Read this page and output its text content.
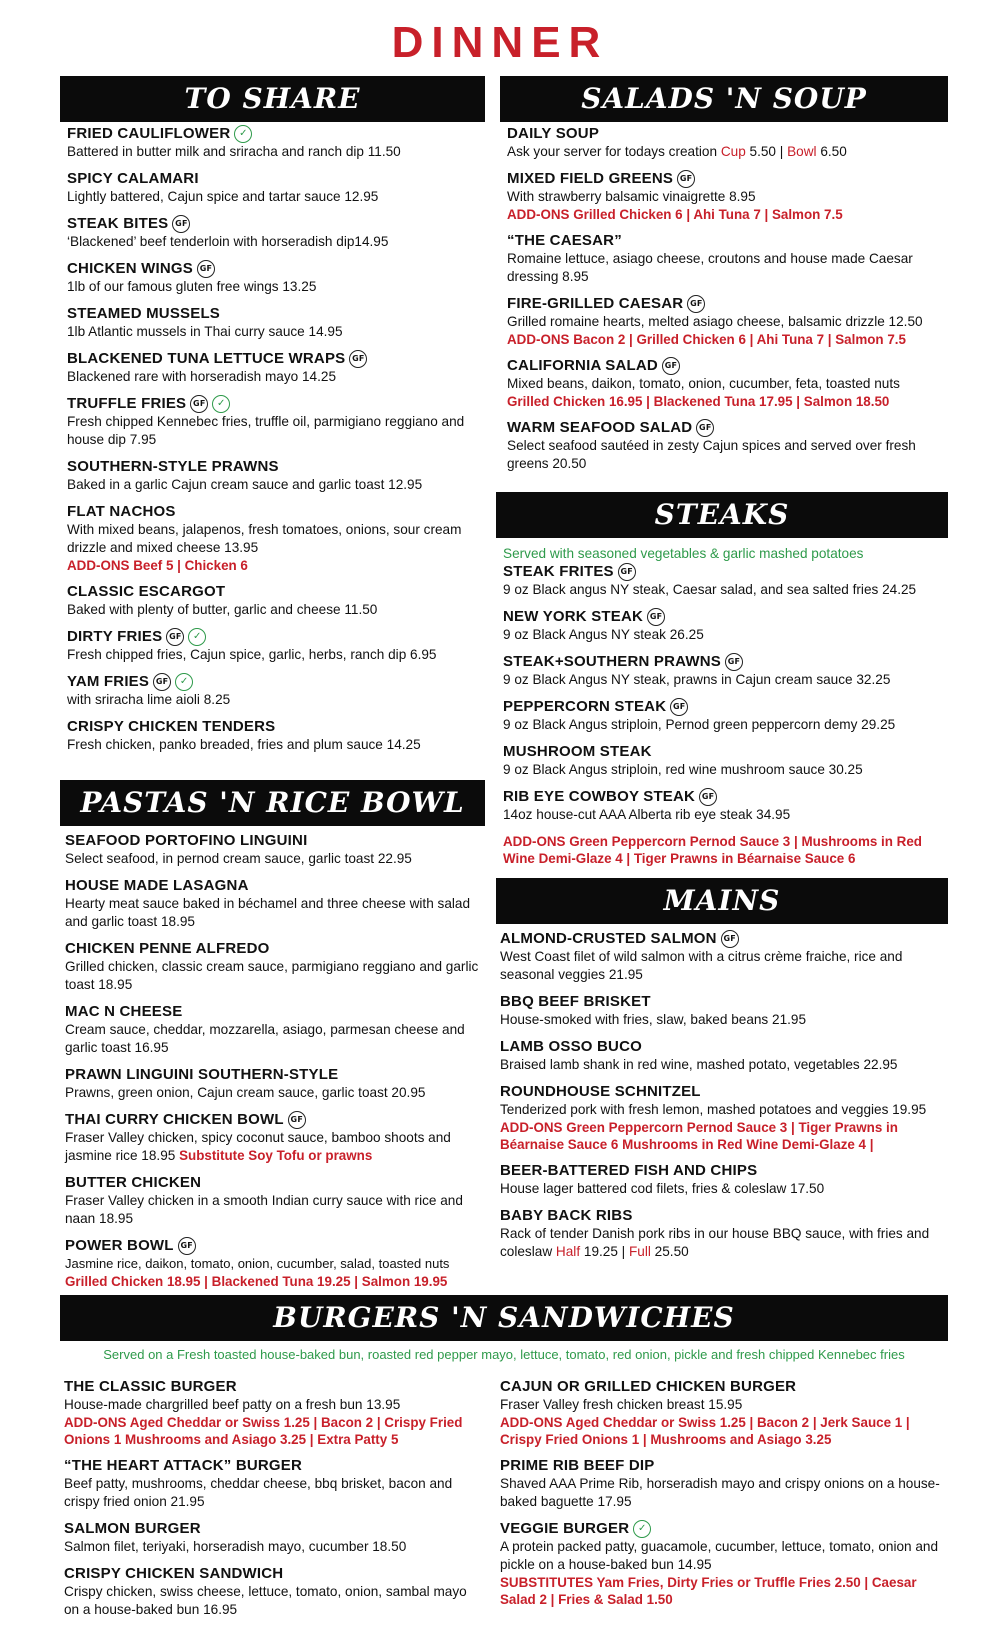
DINNER
TO SHARE
FRIED CAULIFLOWER ✓
Battered in butter milk and sriracha and ranch dip 11.50
SPICY CALAMARI
Lightly battered, Cajun spice and tartar sauce 12.95
STEAK BITES GF
‘Blackened’ beef tenderloin with horseradish dip14.95
CHICKEN WINGS GF
1lb of our famous gluten free wings 13.25
STEAMED MUSSELS
1lb Atlantic mussels in Thai curry sauce 14.95
BLACKENED TUNA LETTUCE WRAPS GF
Blackened rare with horseradish mayo 14.25
TRUFFLE FRIES GF ✓
Fresh chipped Kennebec fries, truffle oil, parmigiano reggiano and house dip 7.95
SOUTHERN-STYLE PRAWNS
Baked in a garlic Cajun cream sauce and garlic toast 12.95
FLAT NACHOS
With mixed beans, jalapenos, fresh tomatoes, onions, sour cream drizzle and mixed cheese 13.95
ADD-ONS Beef 5 | Chicken 6
CLASSIC ESCARGOT
Baked with plenty of butter, garlic and cheese 11.50
DIRTY FRIES GF ✓
Fresh chipped fries, Cajun spice, garlic, herbs, ranch dip 6.95
YAM FRIES GF ✓
with sriracha lime aioli 8.25
CRISPY CHICKEN TENDERS
Fresh chicken, panko breaded, fries and plum sauce 14.25
SALADS 'N SOUP
DAILY SOUP
Ask your server for todays creation Cup 5.50 | Bowl 6.50
MIXED FIELD GREENS GF
With strawberry balsamic vinaigrette 8.95
ADD-ONS Grilled Chicken 6 | Ahi Tuna 7 | Salmon 7.5
“THE CAESAR”
Romaine lettuce, asiago cheese, croutons and house made Caesar dressing 8.95
FIRE-GRILLED CAESAR GF
Grilled romaine hearts, melted asiago cheese, balsamic drizzle 12.50
ADD-ONS Bacon 2 | Grilled Chicken 6 | Ahi Tuna 7 | Salmon 7.5
CALIFORNIA SALAD GF
Mixed beans, daikon, tomato, onion, cucumber, feta, toasted nuts
Grilled Chicken 16.95 | Blackened Tuna 17.95 | Salmon 18.50
WARM SEAFOOD SALAD GF
Select seafood sautéed in zesty Cajun spices and served over fresh greens 20.50
STEAKS
Served with seasoned vegetables & garlic mashed potatoes
STEAK FRITES GF
9 oz Black angus NY steak, Caesar salad, and sea salted fries 24.25
NEW YORK STEAK GF
9 oz Black Angus NY steak 26.25
STEAK+SOUTHERN PRAWNS GF
9 oz Black Angus NY steak, prawns in Cajun cream sauce 32.25
PEPPERCORN STEAK GF
9 oz Black Angus striploin, Pernod green peppercorn demy 29.25
MUSHROOM STEAK
9 oz Black Angus striploin, red wine mushroom sauce 30.25
RIB EYE COWBOY STEAK GF
14oz house-cut AAA Alberta rib eye steak 34.95
ADD-ONS Green Peppercorn Pernod Sauce 3 | Mushrooms in Red Wine Demi-Glaze 4 | Tiger Prawns in Béarnaise Sauce 6
PASTAS 'N RICE BOWL
SEAFOOD PORTOFINO LINGUINI
Select seafood, in pernod cream sauce, garlic toast 22.95
HOUSE MADE LASAGNA
Hearty meat sauce baked in béchamel and three cheese with salad and garlic toast 18.95
CHICKEN PENNE ALFREDO
Grilled chicken, classic cream sauce, parmigiano reggiano and garlic toast 18.95
MAC N CHEESE
Cream sauce, cheddar, mozzarella, asiago, parmesan cheese and garlic toast 16.95
PRAWN LINGUINI SOUTHERN-STYLE
Prawns, green onion, Cajun cream sauce, garlic toast 20.95
THAI CURRY CHICKEN BOWL GF
Fraser Valley chicken, spicy coconut sauce, bamboo shoots and jasmine rice 18.95 Substitute Soy Tofu or prawns
BUTTER CHICKEN
Fraser Valley chicken in a smooth Indian curry sauce with rice and naan 18.95
POWER BOWL GF
Jasmine rice, daikon, tomato, onion, cucumber, salad, toasted nuts
Grilled Chicken 18.95 | Blackened Tuna 19.25 | Salmon 19.95
MAINS
ALMOND-CRUSTED SALMON GF
West Coast filet of wild salmon with a citrus crème fraiche, rice and seasonal veggies 21.95
BBQ BEEF BRISKET
House-smoked with fries, slaw, baked beans 21.95
LAMB OSSO BUCO
Braised lamb shank in red wine, mashed potato, vegetables 22.95
ROUNDHOUSE SCHNITZEL
Tenderized pork with fresh lemon, mashed potatoes and veggies 19.95
ADD-ONS Green Peppercorn Pernod Sauce 3 | Tiger Prawns in Béarnaise Sauce 6 Mushrooms in Red Wine Demi-Glaze 4 |
BEER-BATTERED FISH AND CHIPS
House lager battered cod filets, fries & coleslaw 17.50
BABY BACK RIBS
Rack of tender Danish pork ribs in our house BBQ sauce, with fries and coleslaw Half 19.25 | Full 25.50
BURGERS 'N SANDWICHES
Served on a Fresh toasted house-baked bun, roasted red pepper mayo, lettuce, tomato, red onion, pickle and fresh chipped Kennebec fries
THE CLASSIC BURGER
House-made chargrilled beef patty on a fresh bun 13.95
ADD-ONS Aged Cheddar or Swiss 1.25 | Bacon 2 | Crispy Fried Onions 1 Mushrooms and Asiago 3.25 | Extra Patty 5
“THE HEART ATTACK” BURGER
Beef patty, mushrooms, cheddar cheese, bbq brisket, bacon and crispy fried onion 21.95
SALMON BURGER
Salmon filet, teriyaki, horseradish mayo, cucumber 18.50
CRISPY CHICKEN SANDWICH
Crispy chicken, swiss cheese, lettuce, tomato, onion, sambal mayo on a house-baked bun 16.95
CAJUN OR GRILLED CHICKEN BURGER
Fraser Valley fresh chicken breast 15.95
ADD-ONS Aged Cheddar or Swiss 1.25 | Bacon 2 | Jerk Sauce 1 | Crispy Fried Onions 1 | Mushrooms and Asiago 3.25
PRIME RIB BEEF DIP
Shaved AAA Prime Rib, horseradish mayo and crispy onions on a house-baked baguette 17.95
VEGGIE BURGER ✓
A protein packed patty, guacamole, cucumber, lettuce, tomato, onion and pickle on a house-baked bun 14.95
SUBSTITUTES Yam Fries, Dirty Fries or Truffle Fries 2.50 | Caesar Salad 2 | Fries & Salad 1.50
